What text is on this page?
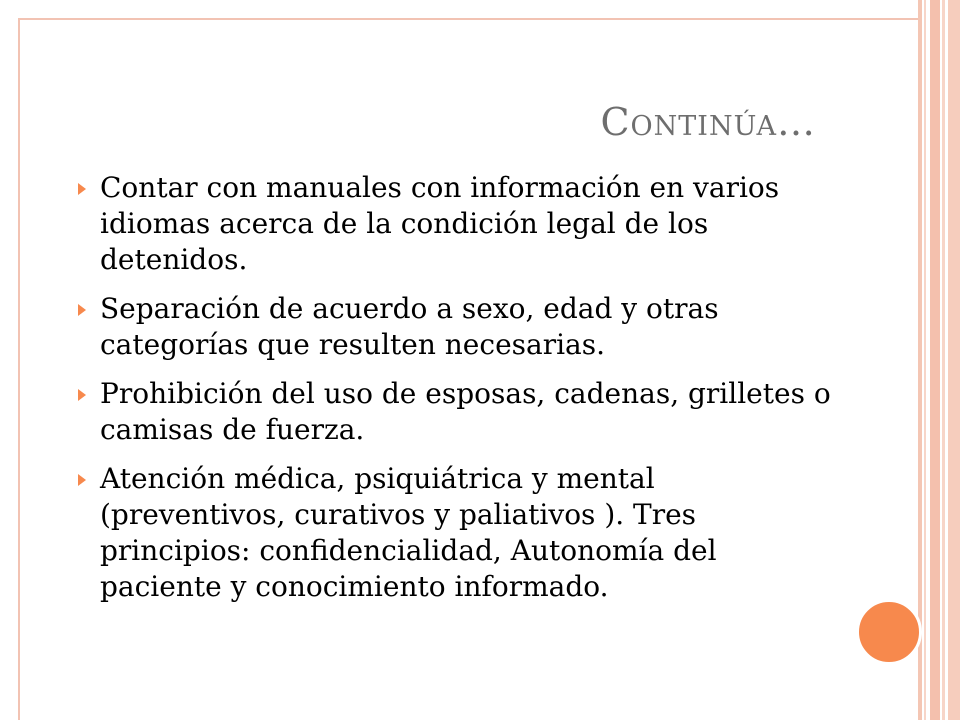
Continúa…
Contar con manuales con información en varios idiomas acerca de la condición legal de los detenidos.
Separación de acuerdo a sexo, edad y otras categorías que resulten necesarias.
Prohibición del uso de esposas, cadenas, grilletes o camisas de fuerza.
Atención médica, psiquiátrica y mental (preventivos, curativos y paliativos ). Tres principios: confidencialidad, Autonomía del paciente y conocimiento informado.
